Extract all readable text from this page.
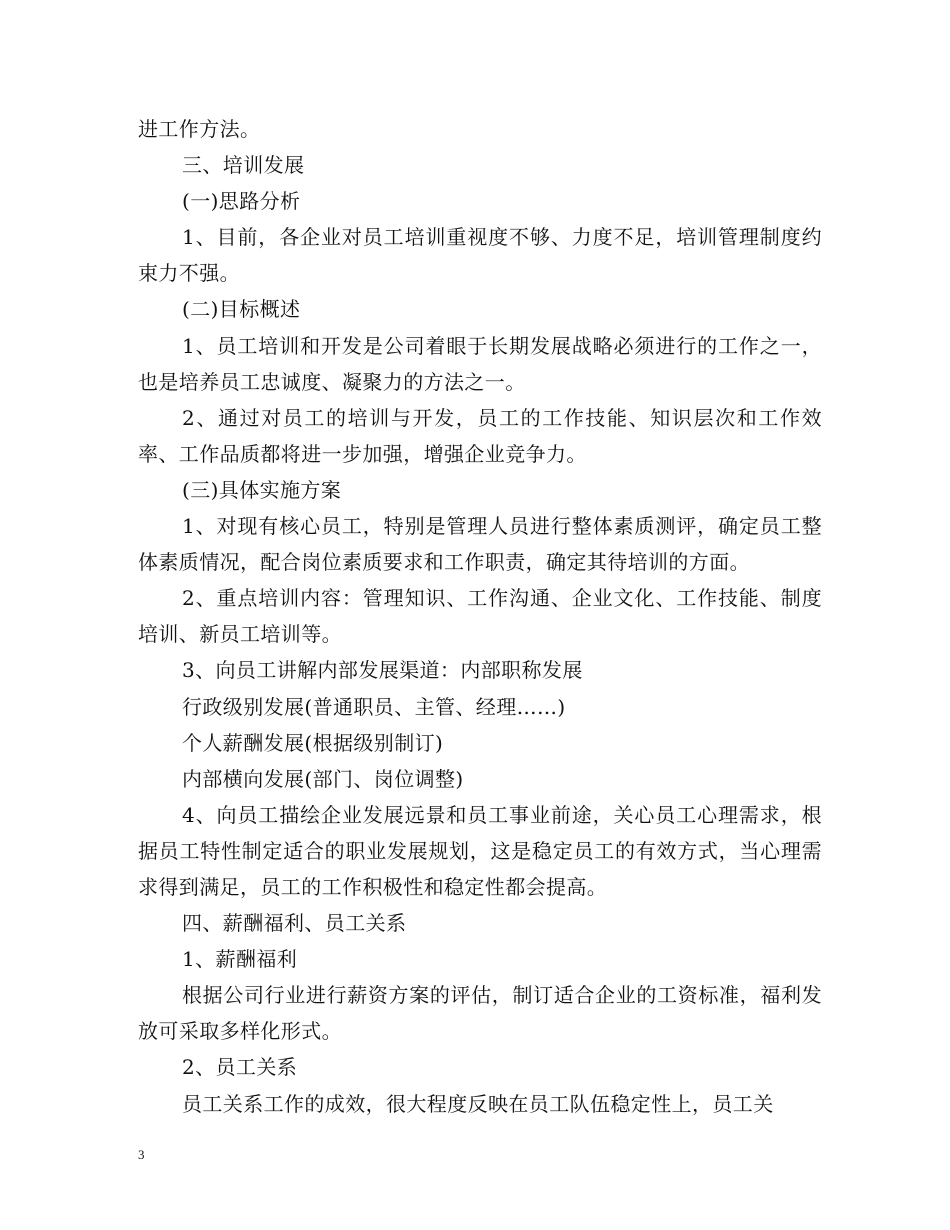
进工作方法。

三、培训发展

(一)思路分析

1、目前，各企业对员工培训重视度不够、力度不足，培训管理制度约束力不强。

(二)目标概述

1、员工培训和开发是公司着眼于长期发展战略必须进行的工作之一，也是培养员工忠诚度、凝聚力的方法之一。

2、通过对员工的培训与开发，员工的工作技能、知识层次和工作效率、工作品质都将进一步加强，增强企业竞争力。

(三)具体实施方案

1、对现有核心员工，特别是管理人员进行整体素质测评，确定员工整体素质情况，配合岗位素质要求和工作职责，确定其待培训的方面。

2、重点培训内容：管理知识、工作沟通、企业文化、工作技能、制度培训、新员工培训等。

3、向员工讲解内部发展渠道：内部职称发展

行政级别发展(普通职员、主管、经理……)

个人薪酬发展(根据级别制订)

内部横向发展(部门、岗位调整)

4、向员工描绘企业发展远景和员工事业前途，关心员工心理需求，根据员工特性制定适合的职业发展规划，这是稳定员工的有效方式，当心理需求得到满足，员工的工作积极性和稳定性都会提高。

四、薪酬福利、员工关系

1、薪酬福利

根据公司行业进行薪资方案的评估，制订适合企业的工资标准，福利发放可采取多样化形式。

2、员工关系

员工关系工作的成效，很大程度反映在员工队伍稳定性上，员工关

3
